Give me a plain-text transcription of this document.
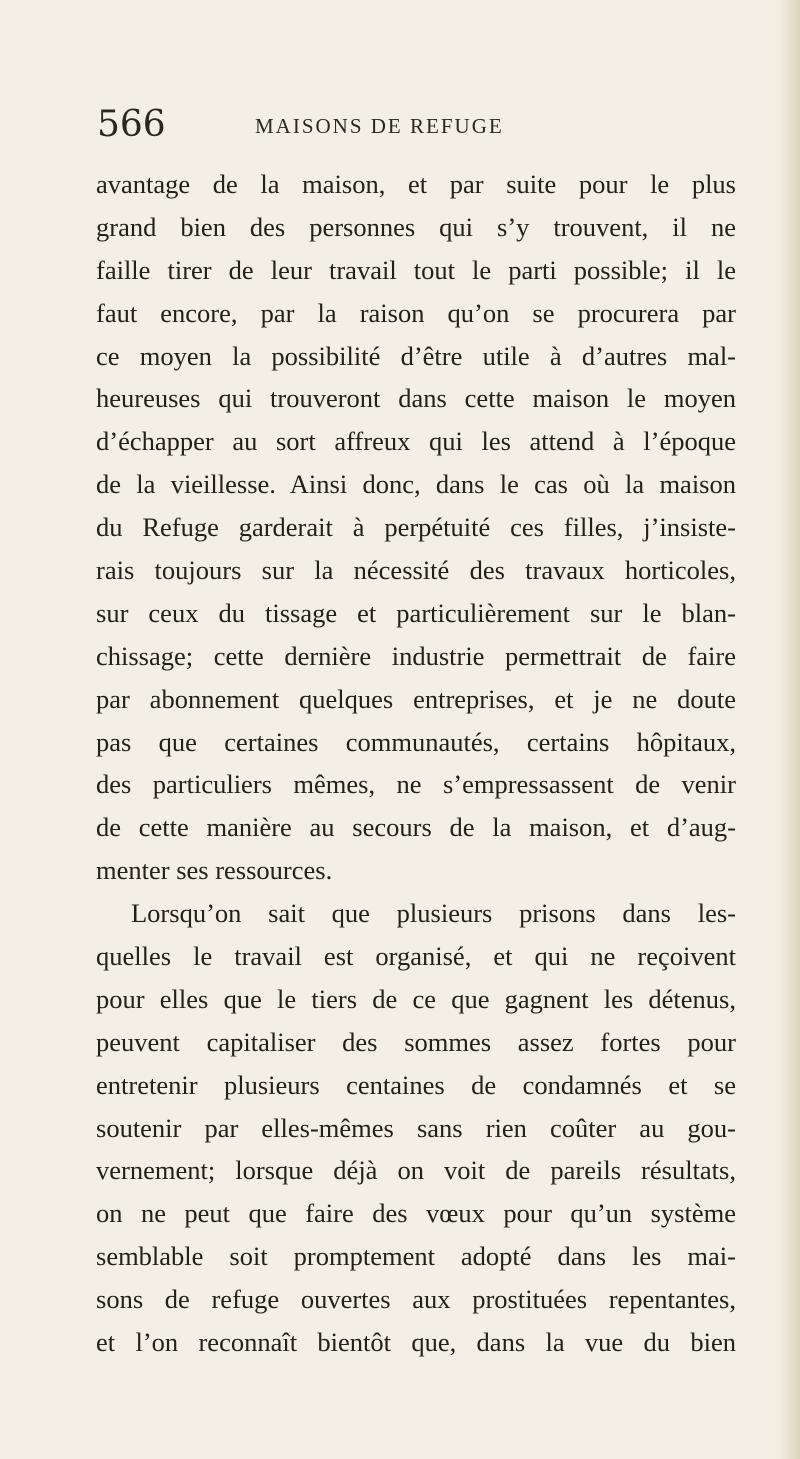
566	MAISONS DE REFUGE
avantage de la maison, et par suite pour le plus
grand bien des personnes qui s’y trouvent, il ne
faille tirer de leur travail tout le parti possible; il le
faut encore, par la raison qu’on se procurera par
ce moyen la possibilité d’être utile à d’autres mal-
heureuses qui trouveront dans cette maison le moyen
d’échapper au sort affreux qui les attend à l’époque
de la vieillesse. Ainsi donc, dans le cas où la maison
du Refuge garderait à perpétuité ces filles, j’insiste-
rais toujours sur la nécessité des travaux horticoles,
sur ceux du tissage et particulièrement sur le blan-
chissage; cette dernière industrie permettrait de faire
par abonnement quelques entreprises, et je ne doute
pas que certaines communautés, certains hôpitaux,
des particuliers mêmes, ne s’empressassent de venir
de cette manière au secours de la maison, et d’aug-
menter ses ressources.
Lorsqu’on sait que plusieurs prisons dans les-
quelles le travail est organisé, et qui ne reçoivent
pour elles que le tiers de ce que gagnent les détenus,
peuvent capitaliser des sommes assez fortes pour
entretenir plusieurs centaines de condamnés et se
soutenir par elles-mêmes sans rien coûter au gou-
vernement; lorsque déjà on voit de pareils résultats,
on ne peut que faire des vœux pour qu’un système
semblable soit promptement adopté dans les mai-
sons de refuge ouvertes aux prostituées repentantes,
et l’on reconnaît bientôt que, dans la vue du bien
